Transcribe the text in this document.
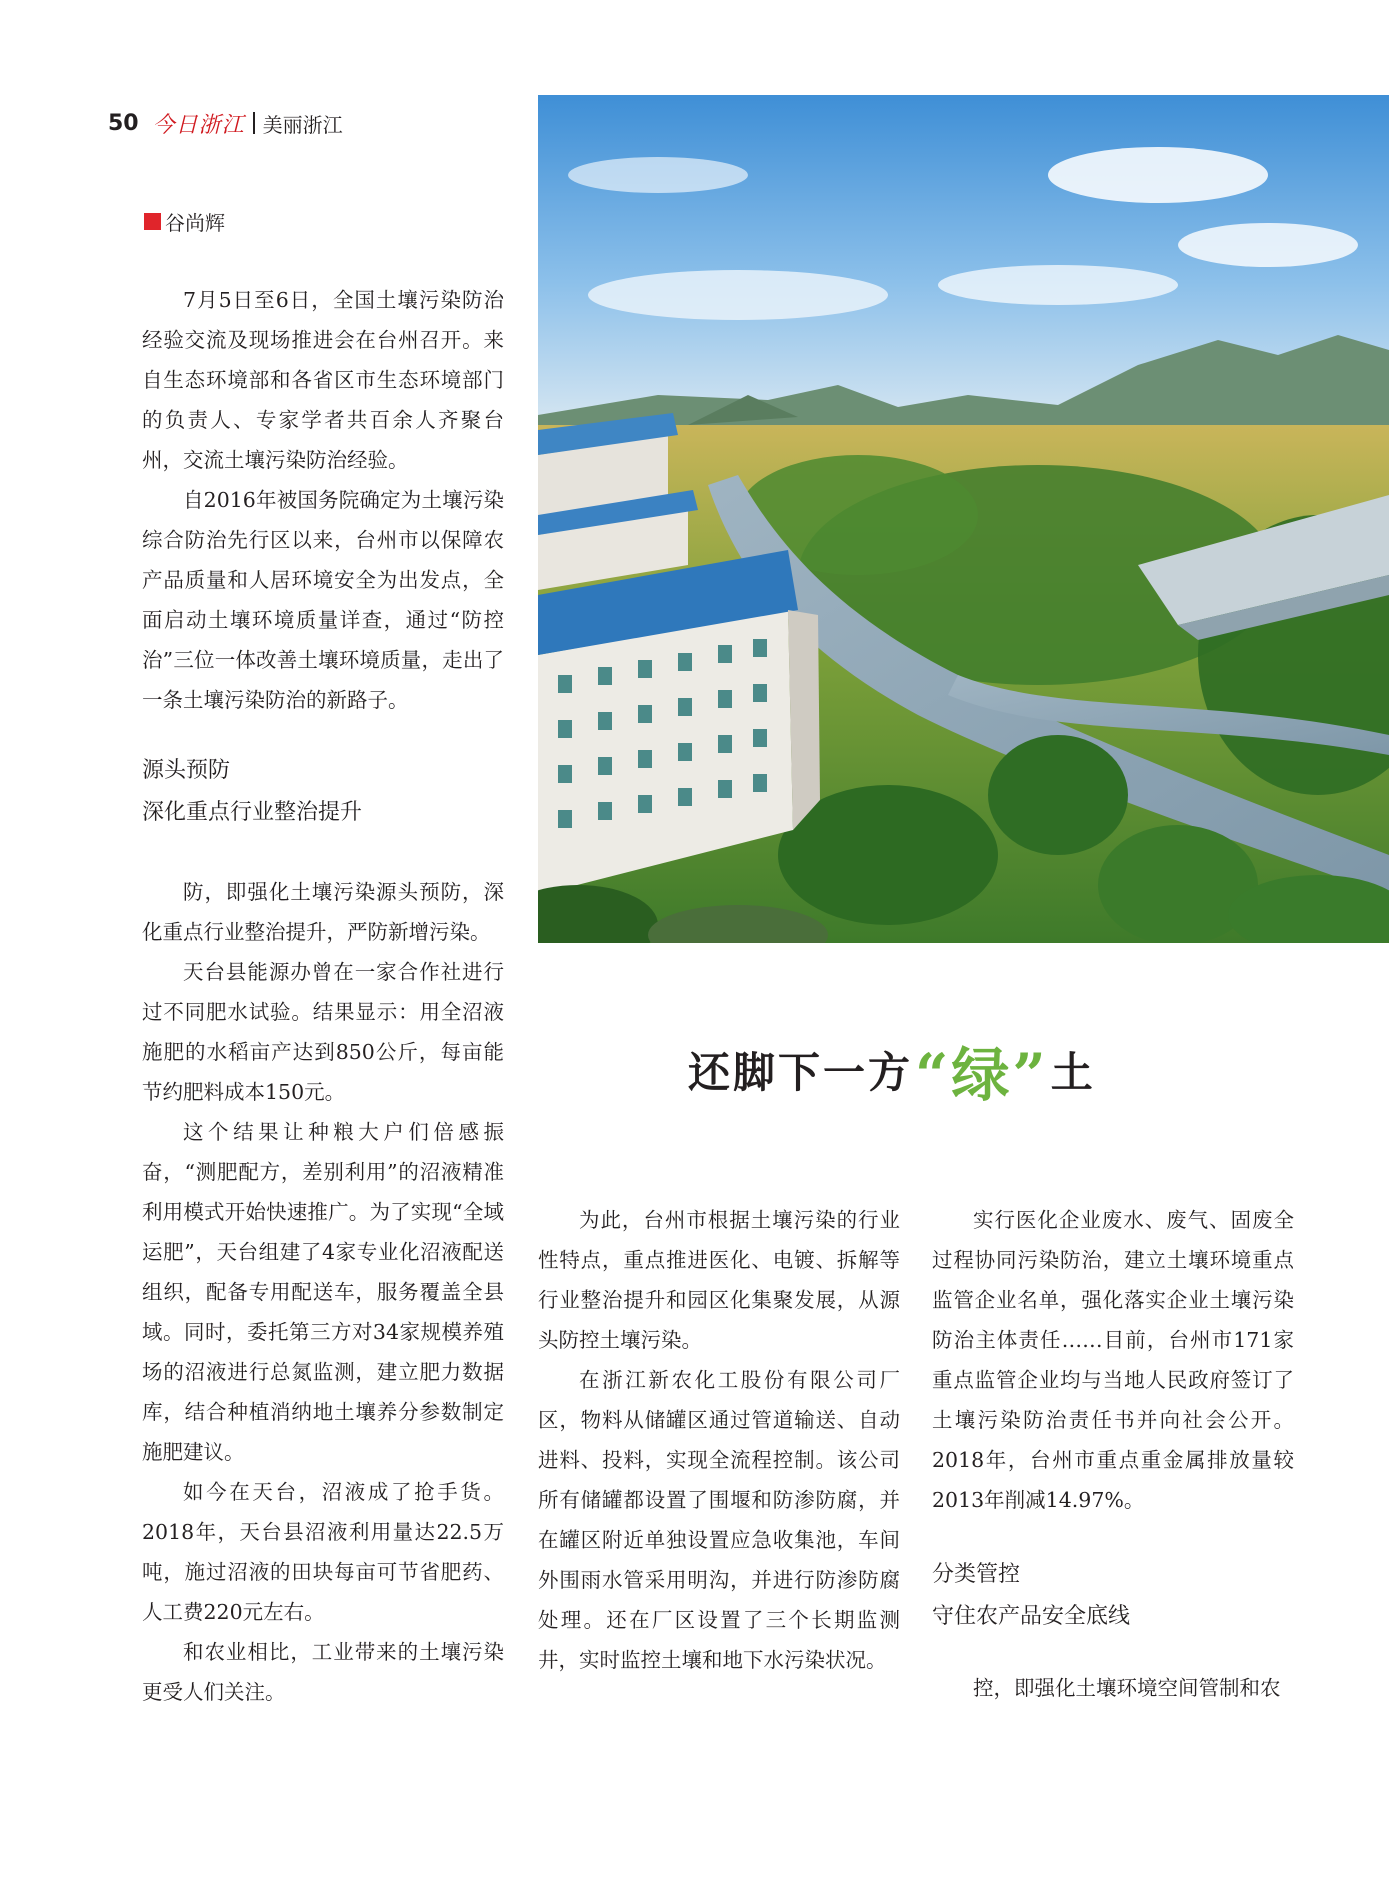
50 今日浙江 美丽浙江
谷尚辉

7月5日至6日，全国土壤污染防治经验交流及现场推进会在台州召开。来自生态环境部和各省区市生态环境部门的负责人、专家学者共百余人齐聚台州，交流土壤污染防治经验。

自2016年被国务院确定为土壤污染综合防治先行区以来，台州市以保障农产品质量和人居环境安全为出发点，全面启动土壤环境质量详查，通过“防控治”三位一体改善土壤环境质量，走出了一条土壤污染防治的新路子。

源头预防

深化重点行业整治提升

防，即强化土壤污染源头预防，深化重点行业整治提升，严防新增污染。

天台县能源办曾在一家合作社进行过不同肥水试验。结果显示：用全沼液施肥的水稻亩产达到850公斤，每亩能节约肥料成本150元。

这个结果让种粮大户们倍感振奋，“测肥配方，差别利用”的沼液精准利用模式开始快速推广。为了实现“全域运肥”，天台组建了4家专业化沼液配送组织，配备专用配送车，服务覆盖全县域。同时，委托第三方对34家规模养殖场的沼液进行总氮监测，建立肥力数据库，结合种植消纳地土壤养分参数制定施肥建议。

如今在天台，沼液成了抢手货。2018年，天台县沼液利用量达22.5万吨，施过沼液的田块每亩可节省肥药、人工费220元左右。

和农业相比，工业带来的土壤污染更受人们关注。

还脚下一方 “绿” 土

为此，台州市根据土壤污染的行业性特点，重点推进医化、电镀、拆解等行业整治提升和园区化集聚发展，从源头防控土壤污染。

在浙江新农化工股份有限公司厂区，物料从储罐区通过管道输送、自动进料、投料，实现全流程控制。该公司所有储罐都设置了围堰和防渗防腐，并在罐区附近单独设置应急收集池，车间外围雨水管采用明沟，并进行防渗防腐处理。还在厂区设置了三个长期监测井，实时监控土壤和地下水污染状况。

实行医化企业废水、废气、固废全过程协同污染防治，建立土壤环境重点监管企业名单，强化落实企业土壤污染防治主体责任……目前，台州市171家重点监管企业均与当地人民政府签订了土壤污染防治责任书并向社会公开。2018年，台州市重点重金属排放量较2013年削减14.97%。

分类管控

守住农产品安全底线

控，即强化土壤环境空间管制和农
